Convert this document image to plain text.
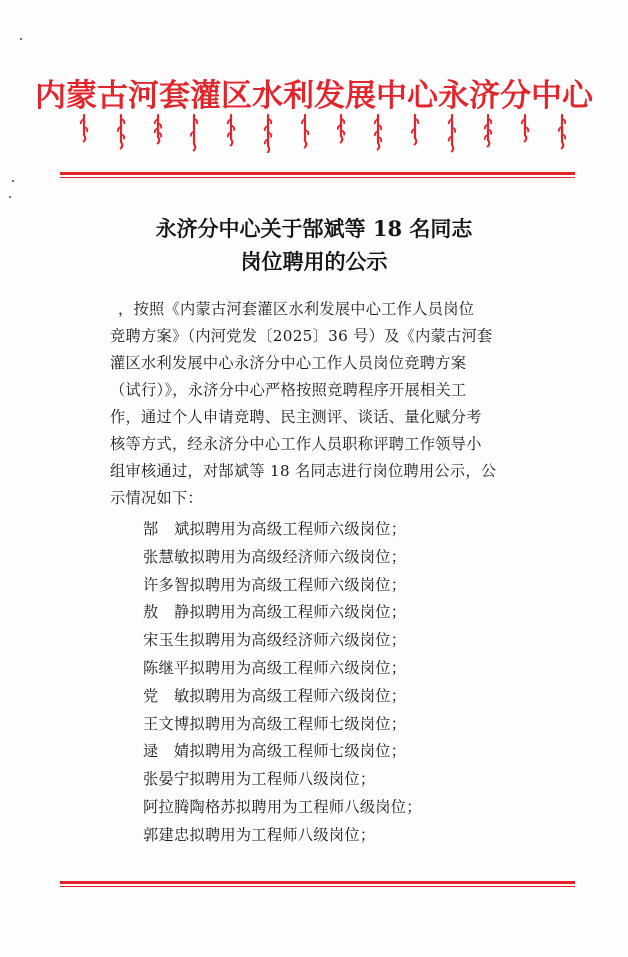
内蒙古河套灌区水利发展中心永济分中心
永济分中心关于郜斌等 18 名同志
岗位聘用的公示
，按照《内蒙古河套灌区水利发展中心工作人员岗位
竞聘方案》（内河党发〔2025〕36 号）及《内蒙古河套
灌区水利发展中心永济分中心工作人员岗位竞聘方案
（试行）》，永济分中心严格按照竞聘程序开展相关工
作，通过个人申请竞聘、民主测评、谈话、量化赋分考
核等方式，经永济分中心工作人员职称评聘工作领导小
组审核通过，对郜斌等 18 名同志进行岗位聘用公示，公
示情况如下：
郜　斌拟聘用为高级工程师六级岗位；
张慧敏拟聘用为高级经济师六级岗位；
许多智拟聘用为高级工程师六级岗位；
敖　静拟聘用为高级工程师六级岗位；
宋玉生拟聘用为高级经济师六级岗位；
陈继平拟聘用为高级工程师六级岗位；
党　敏拟聘用为高级工程师六级岗位；
王文博拟聘用为高级工程师七级岗位；
逯　婧拟聘用为高级工程师七级岗位；
张晏宁拟聘用为工程师八级岗位；
阿拉腾陶格苏拟聘用为工程师八级岗位；
郭建忠拟聘用为工程师八级岗位；
